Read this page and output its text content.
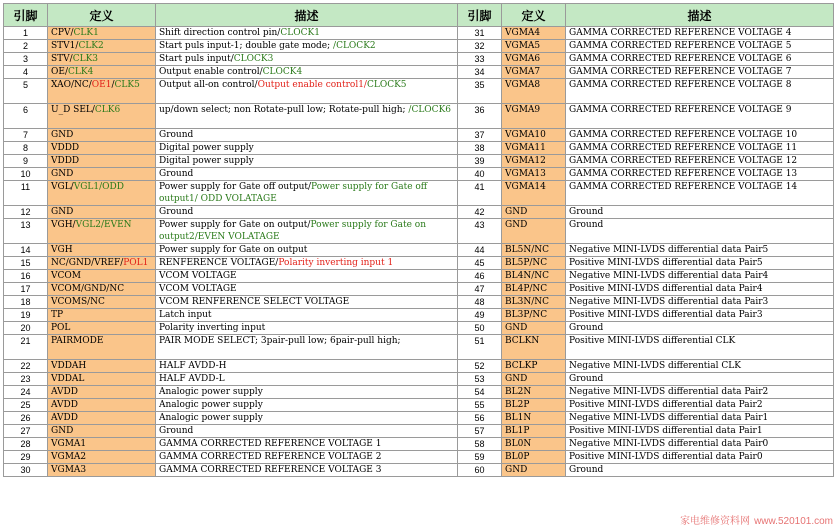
引脚	定义	描述	引脚	定义	描述
1	CPV/CLK1	Shift direction control pin/CLOCK1	31	VGMA4	GAMMA CORRECTED REFERENCE VOLTAGE 4
2	STV1/CLK2	Start puls input-1; double gate mode; /CLOCK2	32	VGMA5	GAMMA CORRECTED REFERENCE VOLTAGE 5
3	STV/CLK3	Start puls input/CLOCK3	33	VGMA6	GAMMA CORRECTED REFERENCE VOLTAGE 6
4	OE/CLK4	Output enable control/CLOCK4	34	VGMA7	GAMMA CORRECTED REFERENCE VOLTAGE 7
5	XAO/NC/OE1/CLK5	Output all-on control/Output enable control1/CLOCK5	35	VGMA8	GAMMA CORRECTED REFERENCE VOLTAGE 8
6	U_D SEL/CLK6	up/down select; non Rotate-pull low; Rotate-pull high; /CLOCK6	36	VGMA9	GAMMA CORRECTED REFERENCE VOLTAGE 9
7	GND	Ground	37	VGMA10	GAMMA CORRECTED REFERENCE VOLTAGE 10
8	VDDD	Digital power supply	38	VGMA11	GAMMA CORRECTED REFERENCE VOLTAGE 11
9	VDDD	Digital power supply	39	VGMA12	GAMMA CORRECTED REFERENCE VOLTAGE 12
10	GND	Ground	40	VGMA13	GAMMA CORRECTED REFERENCE VOLTAGE 13
11	VGL/VGL1/ODD	Power supply for Gate off output/Power supply for Gate off output1/ ODD VOLATAGE	41	VGMA14	GAMMA CORRECTED REFERENCE VOLTAGE 14
12	GND	Ground	42	GND	Ground
13	VGH/VGL2/EVEN	Power supply for Gate on output/Power supply for Gate on output2/EVEN VOLATAGE	43	GND	Ground
14	VGH	Power supply for Gate on output	44	BL5N/NC	Negative MINI-LVDS differential data Pair5
15	NC/GND/VREF/POL1	RENFERENCE VOLTAGE/Polarity inverting input 1	45	BL5P/NC	Positive MINI-LVDS differential data Pair5
16	VCOM	VCOM VOLTAGE	46	BL4N/NC	Negative MINI-LVDS differential data Pair4
17	VCOM/GND/NC	VCOM VOLTAGE	47	BL4P/NC	Positive MINI-LVDS differential data Pair4
18	VCOMS/NC	VCOM RENFERENCE SELECT VOLTAGE	48	BL3N/NC	Negative MINI-LVDS differential data Pair3
19	TP	Latch input	49	BL3P/NC	Positive MINI-LVDS differential data Pair3
20	POL	Polarity inverting input	50	GND	Ground
21	PAIRMODE	PAIR MODE SELECT; 3pair-pull low; 6pair-pull high;	51	BCLKN	Positive MINI-LVDS differential CLK
22	VDDAH	HALF AVDD-H	52	BCLKP	Negative MINI-LVDS differential CLK
23	VDDAL	HALF AVDD-L	53	GND	Ground
24	AVDD	Analogic power supply	54	BL2N	Negative MINI-LVDS differential data Pair2
25	AVDD	Analogic power supply	55	BL2P	Positive MINI-LVDS differential data Pair2
26	AVDD	Analogic power supply	56	BL1N	Negative MINI-LVDS differential data Pair1
27	GND	Ground	57	BL1P	Positive MINI-LVDS differential data Pair1
28	VGMA1	GAMMA CORRECTED REFERENCE VOLTAGE 1	58	BL0N	Negative MINI-LVDS differential data Pair0
29	VGMA2	GAMMA CORRECTED REFERENCE VOLTAGE 2	59	BL0P	Positive MINI-LVDS differential data Pair0
30	VGMA3	GAMMA CORRECTED REFERENCE VOLTAGE 3	60	GND	Ground
家电维修资料网 www.520101.com
